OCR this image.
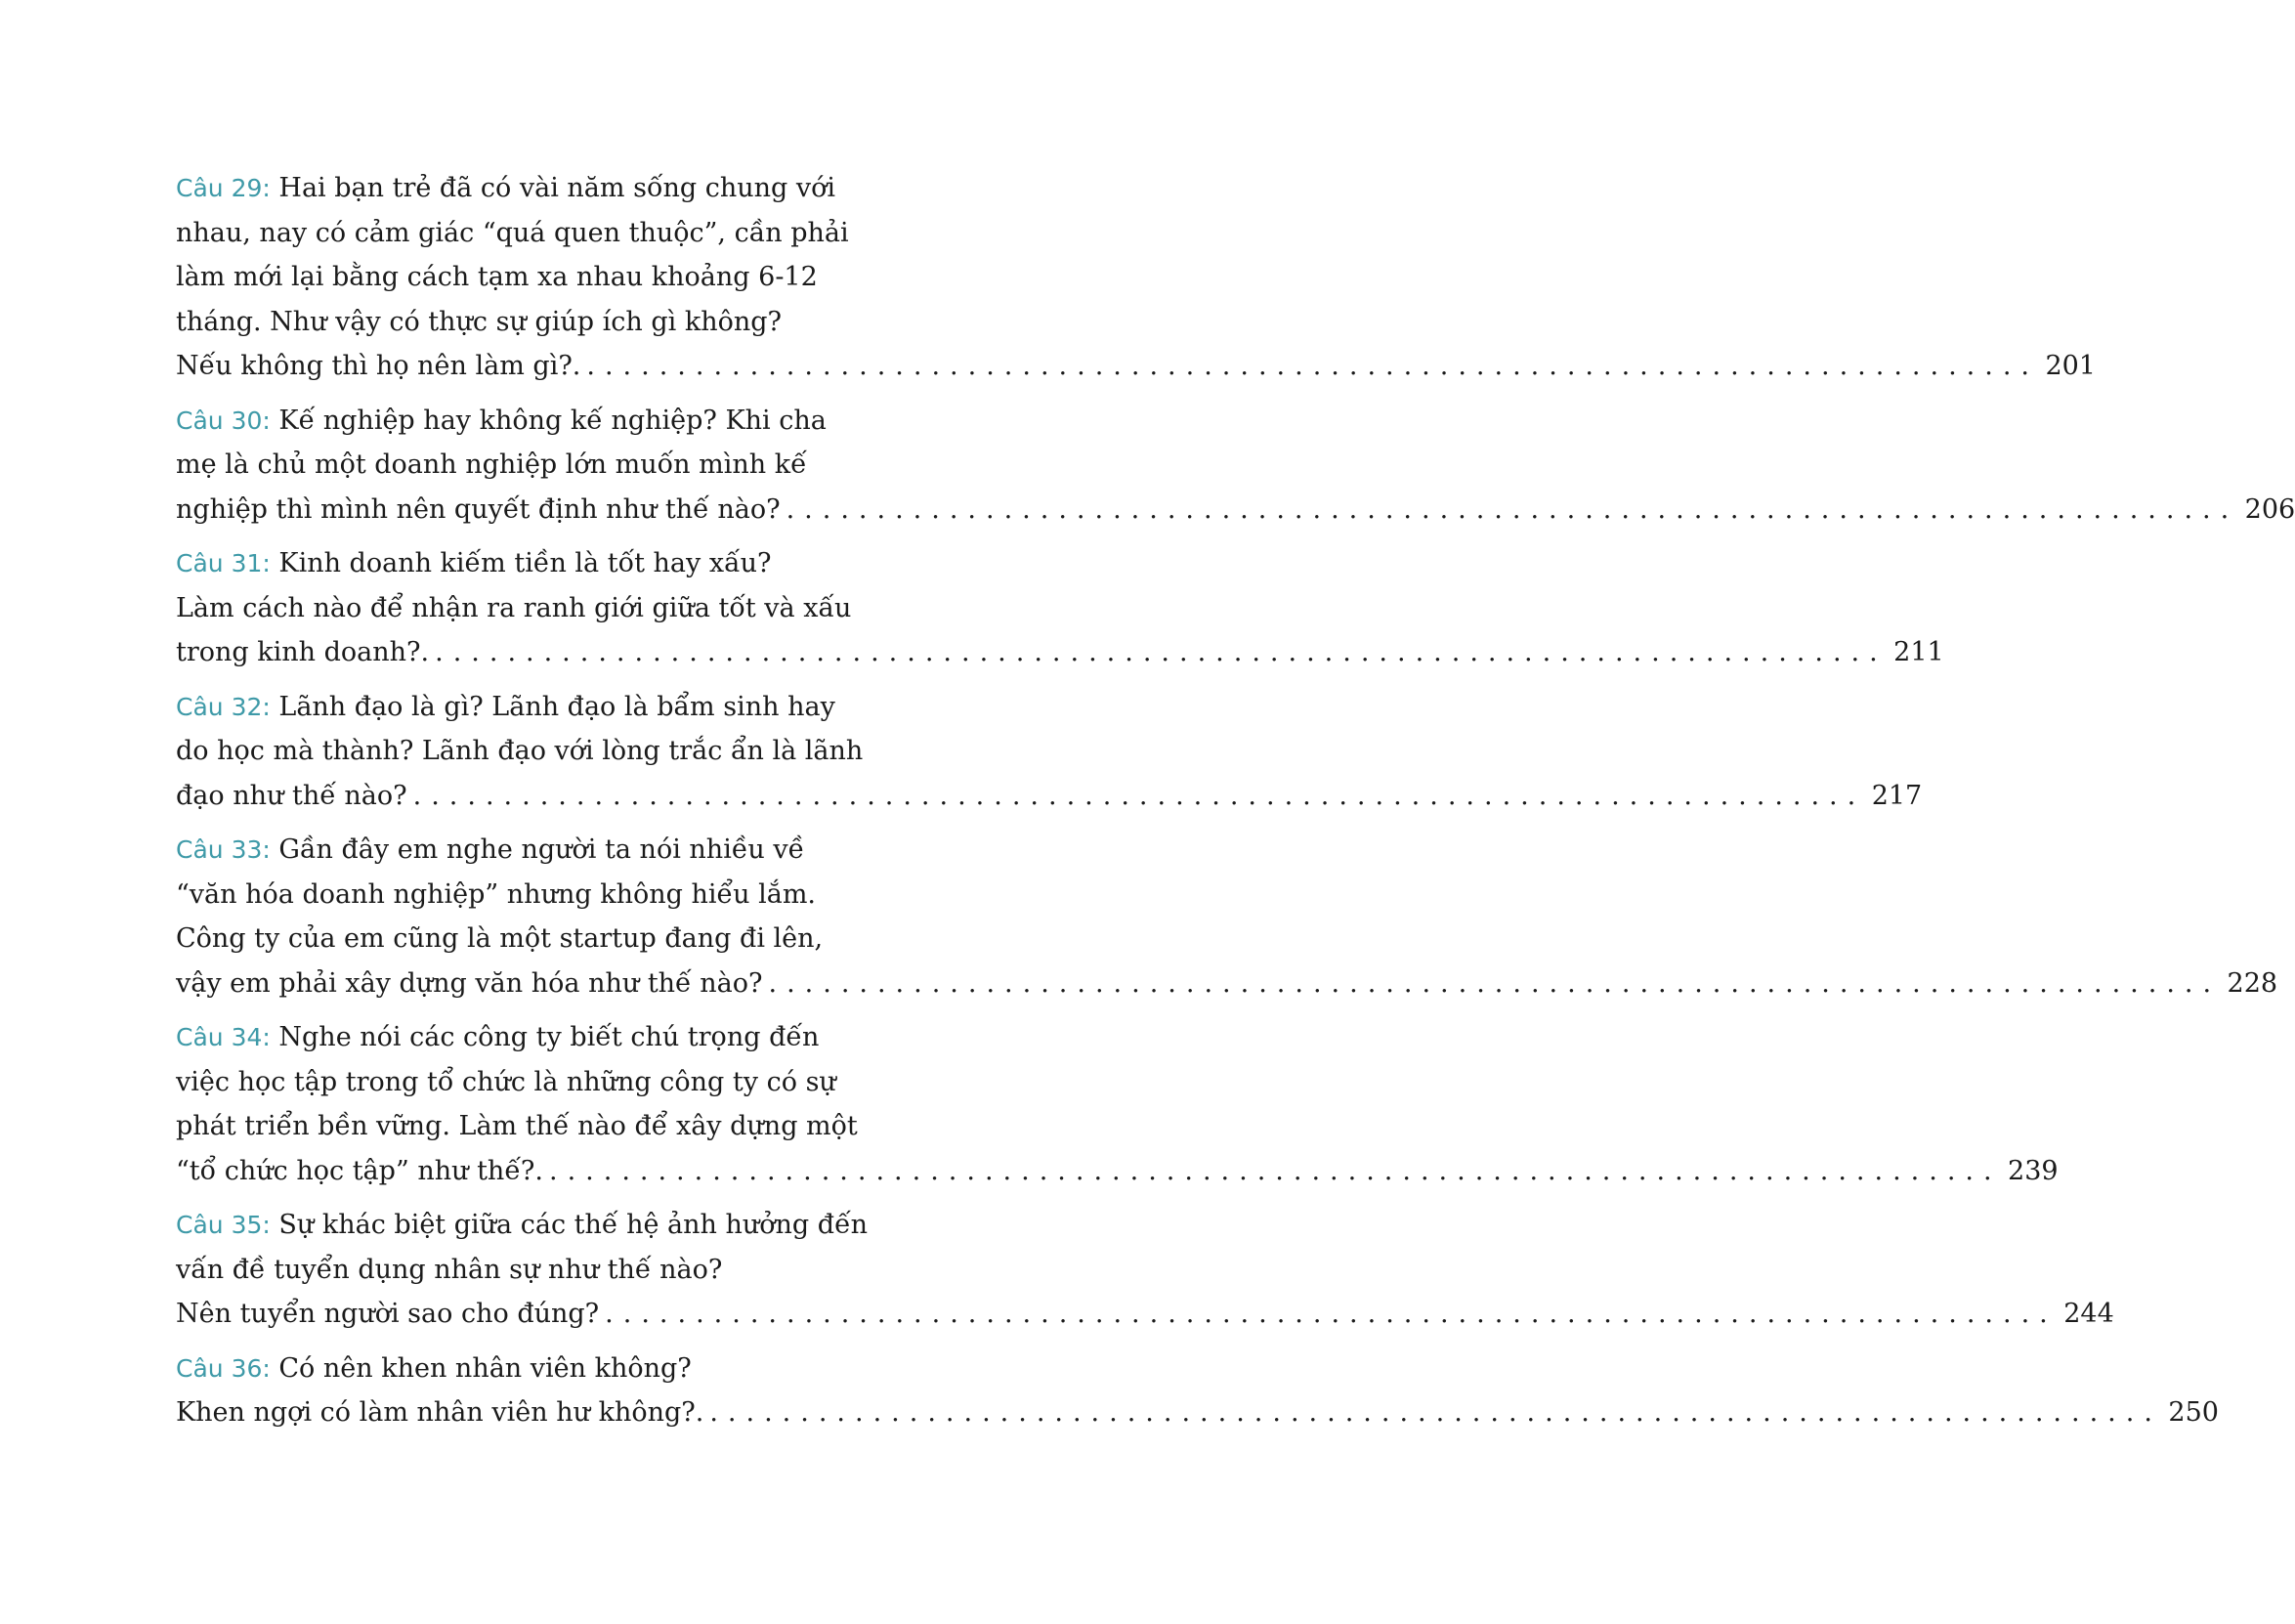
Câu 29: Hai bạn trẻ đã có vài năm sống chung với
nhau, nay có cảm giác “quá quen thuộc”, cần phải
làm mới lại bằng cách tạm xa nhau khoảng 6-12
tháng. Như vậy có thực sự giúp ích gì không?
Nếu không thì họ nên làm gì?. ................................................................................ 201
Câu 30: Kế nghiệp hay không kế nghiệp? Khi cha
mẹ là chủ một doanh nghiệp lớn muốn mình kế
nghiệp thì mình nên quyết định như thế nào? ................................................................................ 206
Câu 31: Kinh doanh kiếm tiền là tốt hay xấu?
Làm cách nào để nhận ra ranh giới giữa tốt và xấu
trong kinh doanh?. ................................................................................ 211
Câu 32: Lãnh đạo là gì? Lãnh đạo là bẩm sinh hay
do học mà thành? Lãnh đạo với lòng trắc ẩn là lãnh
đạo như thế nào? ................................................................................ 217
Câu 33: Gần đây em nghe người ta nói nhiều về
“văn hóa doanh nghiệp” nhưng không hiểu lắm.
Công ty của em cũng là một startup đang đi lên,
vậy em phải xây dựng văn hóa như thế nào? ................................................................................ 228
Câu 34: Nghe nói các công ty biết chú trọng đến
việc học tập trong tổ chức là những công ty có sự
phát triển bền vững. Làm thế nào để xây dựng một
“tổ chức học tập” như thế?. ................................................................................ 239
Câu 35: Sự khác biệt giữa các thế hệ ảnh hưởng đến
vấn đề tuyển dụng nhân sự như thế nào?
Nên tuyển người sao cho đúng? ................................................................................ 244
Câu 36: Có nên khen nhân viên không?
Khen ngợi có làm nhân viên hư không?. ................................................................................ 250
